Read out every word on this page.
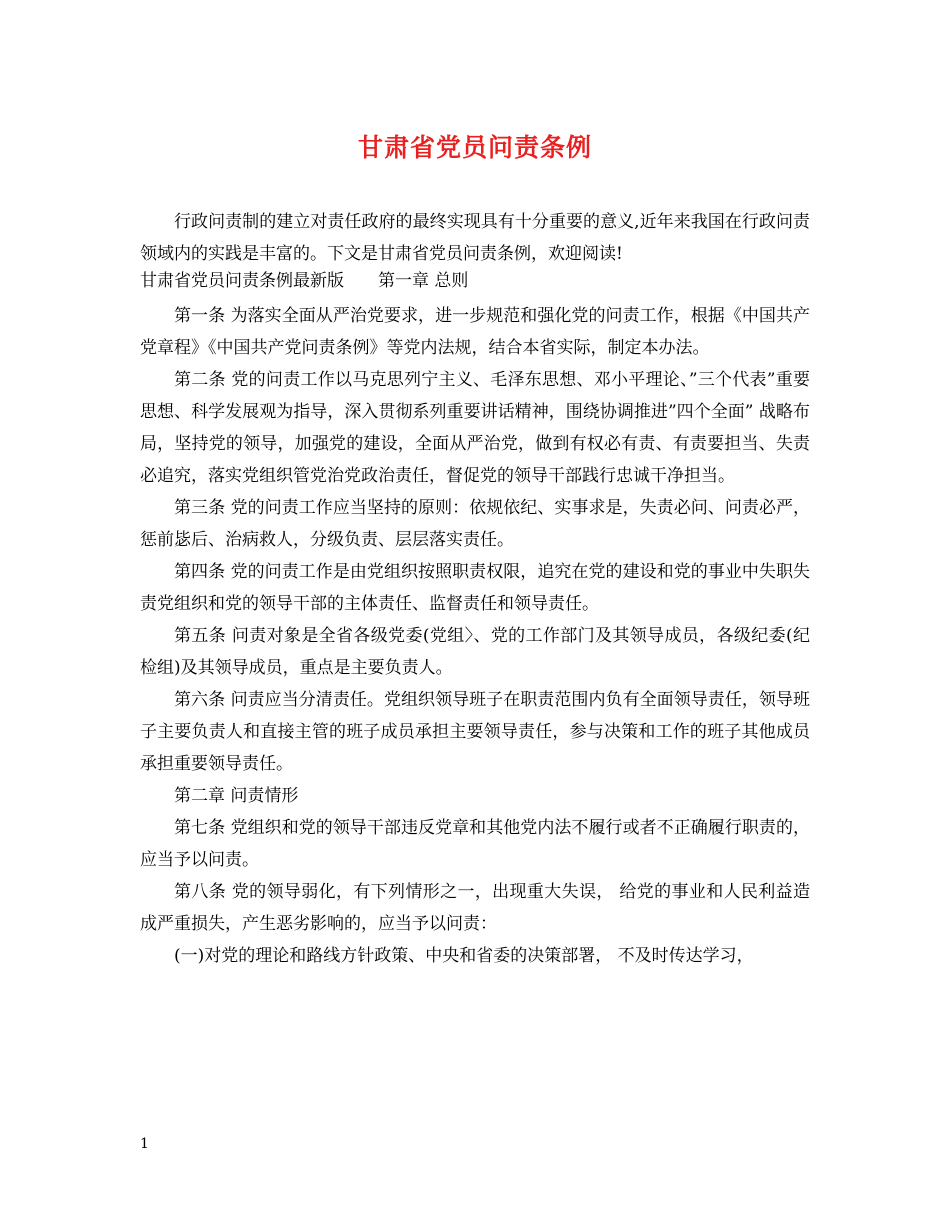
甘肃省党员问责条例

行政问责制的建立对责任政府的最终实现具有十分重要的意义,近年来我国在行政问责领域内的实践是丰富的。下文是甘肃省党员问责条例，欢迎阅读!

甘肃省党员问责条例最新版　　第一章 总则

第一条 为落实全面从严治党要求，进一步规范和强化党的问责工作，根据《中国共产党章程》《中国共产党问责条例》等党内法规，结合本省实际，制定本办法。

第二条 党的问责工作以马克思列宁主义、毛泽东思想、邓小平理论、”三个代表”重要思想、科学发展观为指导，深入贯彻系列重要讲话精神，围绕协调推进”四个全面” 战略布局，坚持党的领导，加强党的建设，全面从严治党，做到有权必有责、有责要担当、失责必追究，落实党组织管党治党政治责任，督促党的领导干部践行忠诚干净担当。

第三条 党的问责工作应当坚持的原则：依规依纪、实事求是，失责必问、问责必严，惩前毖后、治病救人，分级负责、层层落实责任。

第四条 党的问责工作是由党组织按照职责权限，追究在党的建设和党的事业中失职失责党组织和党的领导干部的主体责任、监督责任和领导责任。

第五条 问责对象是全省各级党委(党组〉、党的工作部门及其领导成员，各级纪委(纪检组)及其领导成员，重点是主要负责人。

第六条 问责应当分清责任。党组织领导班子在职责范围内负有全面领导责任，领导班子主要负责人和直接主管的班子成员承担主要领导责任，参与决策和工作的班子其他成员承担重要领导责任。

第二章 问责情形

第七条 党组织和党的领导干部违反党章和其他党内法不履行或者不正确履行职责的，应当予以问责。

第八条 党的领导弱化，有下列情形之一，出现重大失误， 给党的事业和人民利益造成严重损失，产生恶劣影响的，应当予以问责：

(一)对党的理论和路线方针政策、中央和省委的决策部署， 不及时传达学习，

1
